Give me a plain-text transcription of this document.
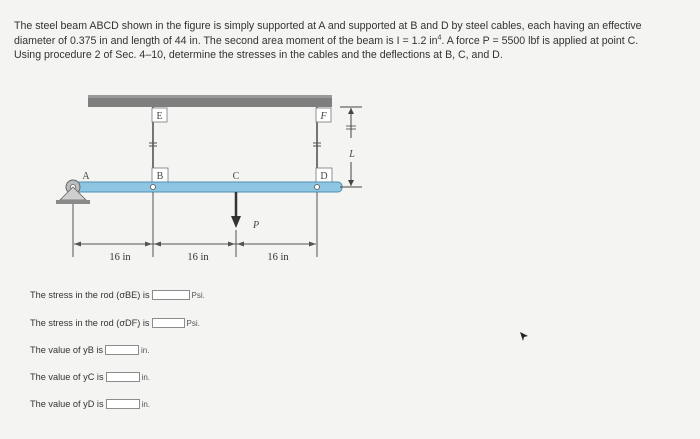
The steel beam ABCD shown in the figure is simply supported at A and supported at B and D by steel cables, each having an effective

diameter of 0.375 in and length of 44 in. The second area moment of the beam is I = 1.2 $in^4$. A force P = 5500 lbf is applied at point C.

Using procedure 2 of Sec. 4–10, determine the stresses in the cables and the deflections at B, C, and D.

E
B
F
D
A	C
P
L
16 in	16 in	16 in
The stress in the rod (σBE) is	Psi.
The stress in the rod (σDF) is	Psi.
The value of yB is	in.
The value of yC is	in.
The value of yD is	in.
